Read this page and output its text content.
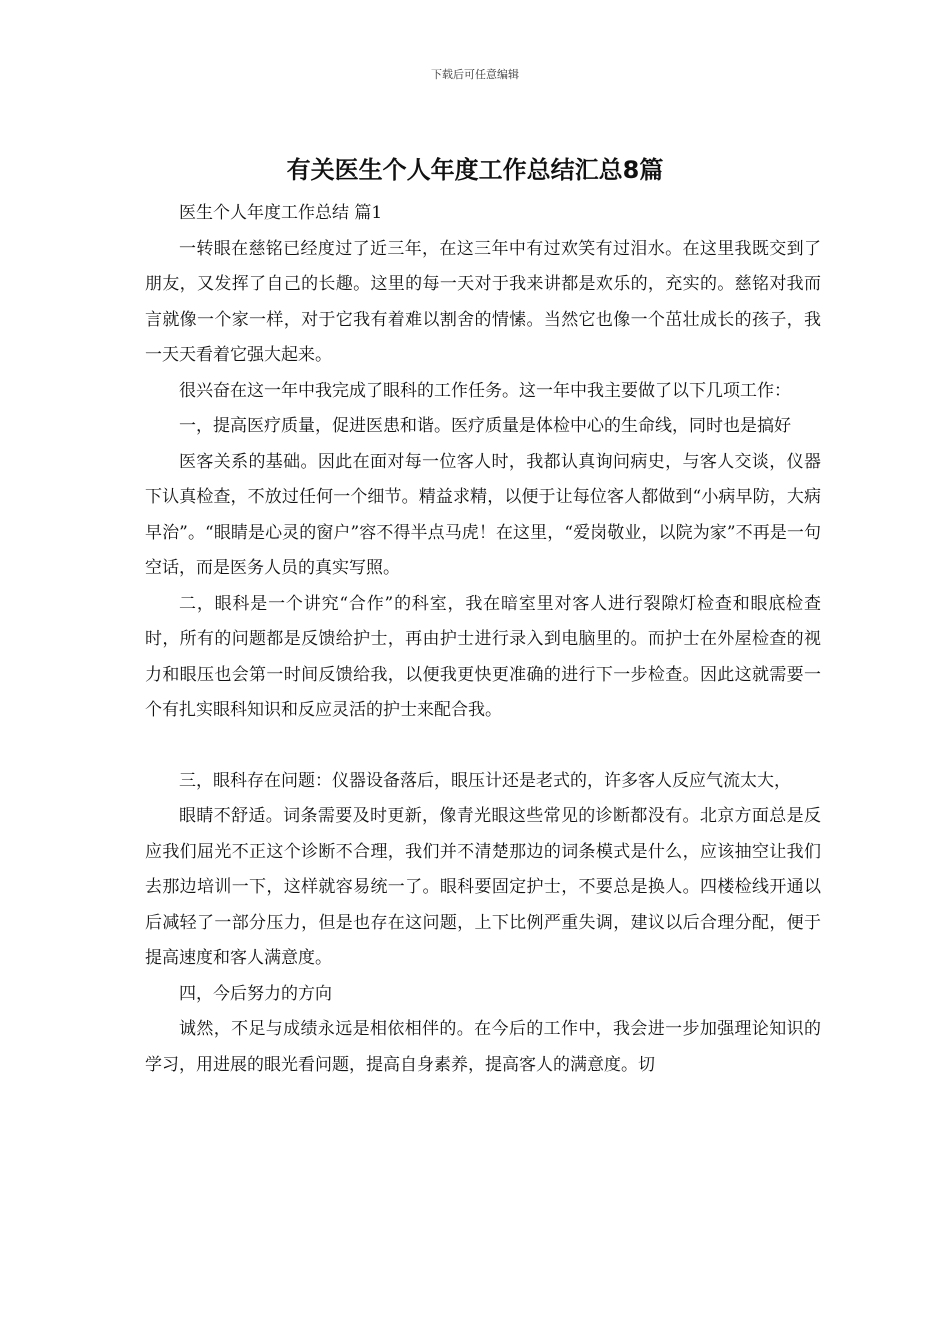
下载后可任意编辑
有关医生个人年度工作总结汇总8篇

医生个人年度工作总结 篇1

一转眼在慈铭已经度过了近三年，在这三年中有过欢笑有过泪水。在这里我既交到了朋友，又发挥了自己的长趣。这里的每一天对于我来讲都是欢乐的，充实的。慈铭对我而言就像一个家一样，对于它我有着难以割舍的情愫。当然它也像一个茁壮成长的孩子，我一天天看着它强大起来。

很兴奋在这一年中我完成了眼科的工作任务。这一年中我主要做了以下几项工作：

一，提高医疗质量，促进医患和谐。医疗质量是体检中心的生命线，同时也是搞好

医客关系的基础。因此在面对每一位客人时，我都认真询问病史，与客人交谈，仪器下认真检查，不放过任何一个细节。精益求精，以便于让每位客人都做到“小病早防，大病早治”。“眼睛是心灵的窗户”容不得半点马虎！在这里，“爱岗敬业，以院为家”不再是一句空话，而是医务人员的真实写照。

二，眼科是一个讲究“合作”的科室，我在暗室里对客人进行裂隙灯检查和眼底检查时，所有的问题都是反馈给护士，再由护士进行录入到电脑里的。而护士在外屋检查的视力和眼压也会第一时间反馈给我，以便我更快更准确的进行下一步检查。因此这就需要一个有扎实眼科知识和反应灵活的护士来配合我。

三，眼科存在问题：仪器设备落后，眼压计还是老式的，许多客人反应气流太大，

眼睛不舒适。词条需要及时更新，像青光眼这些常见的诊断都没有。北京方面总是反应我们屈光不正这个诊断不合理，我们并不清楚那边的词条模式是什么，应该抽空让我们去那边培训一下，这样就容易统一了。眼科要固定护士，不要总是换人。四楼检线开通以后减轻了一部分压力，但是也存在这问题，上下比例严重失调，建议以后合理分配，便于提高速度和客人满意度。

四，今后努力的方向

诚然，不足与成绩永远是相依相伴的。在今后的工作中，我会进一步加强理论知识的学习，用进展的眼光看问题，提高自身素养，提高客人的满意度。切
